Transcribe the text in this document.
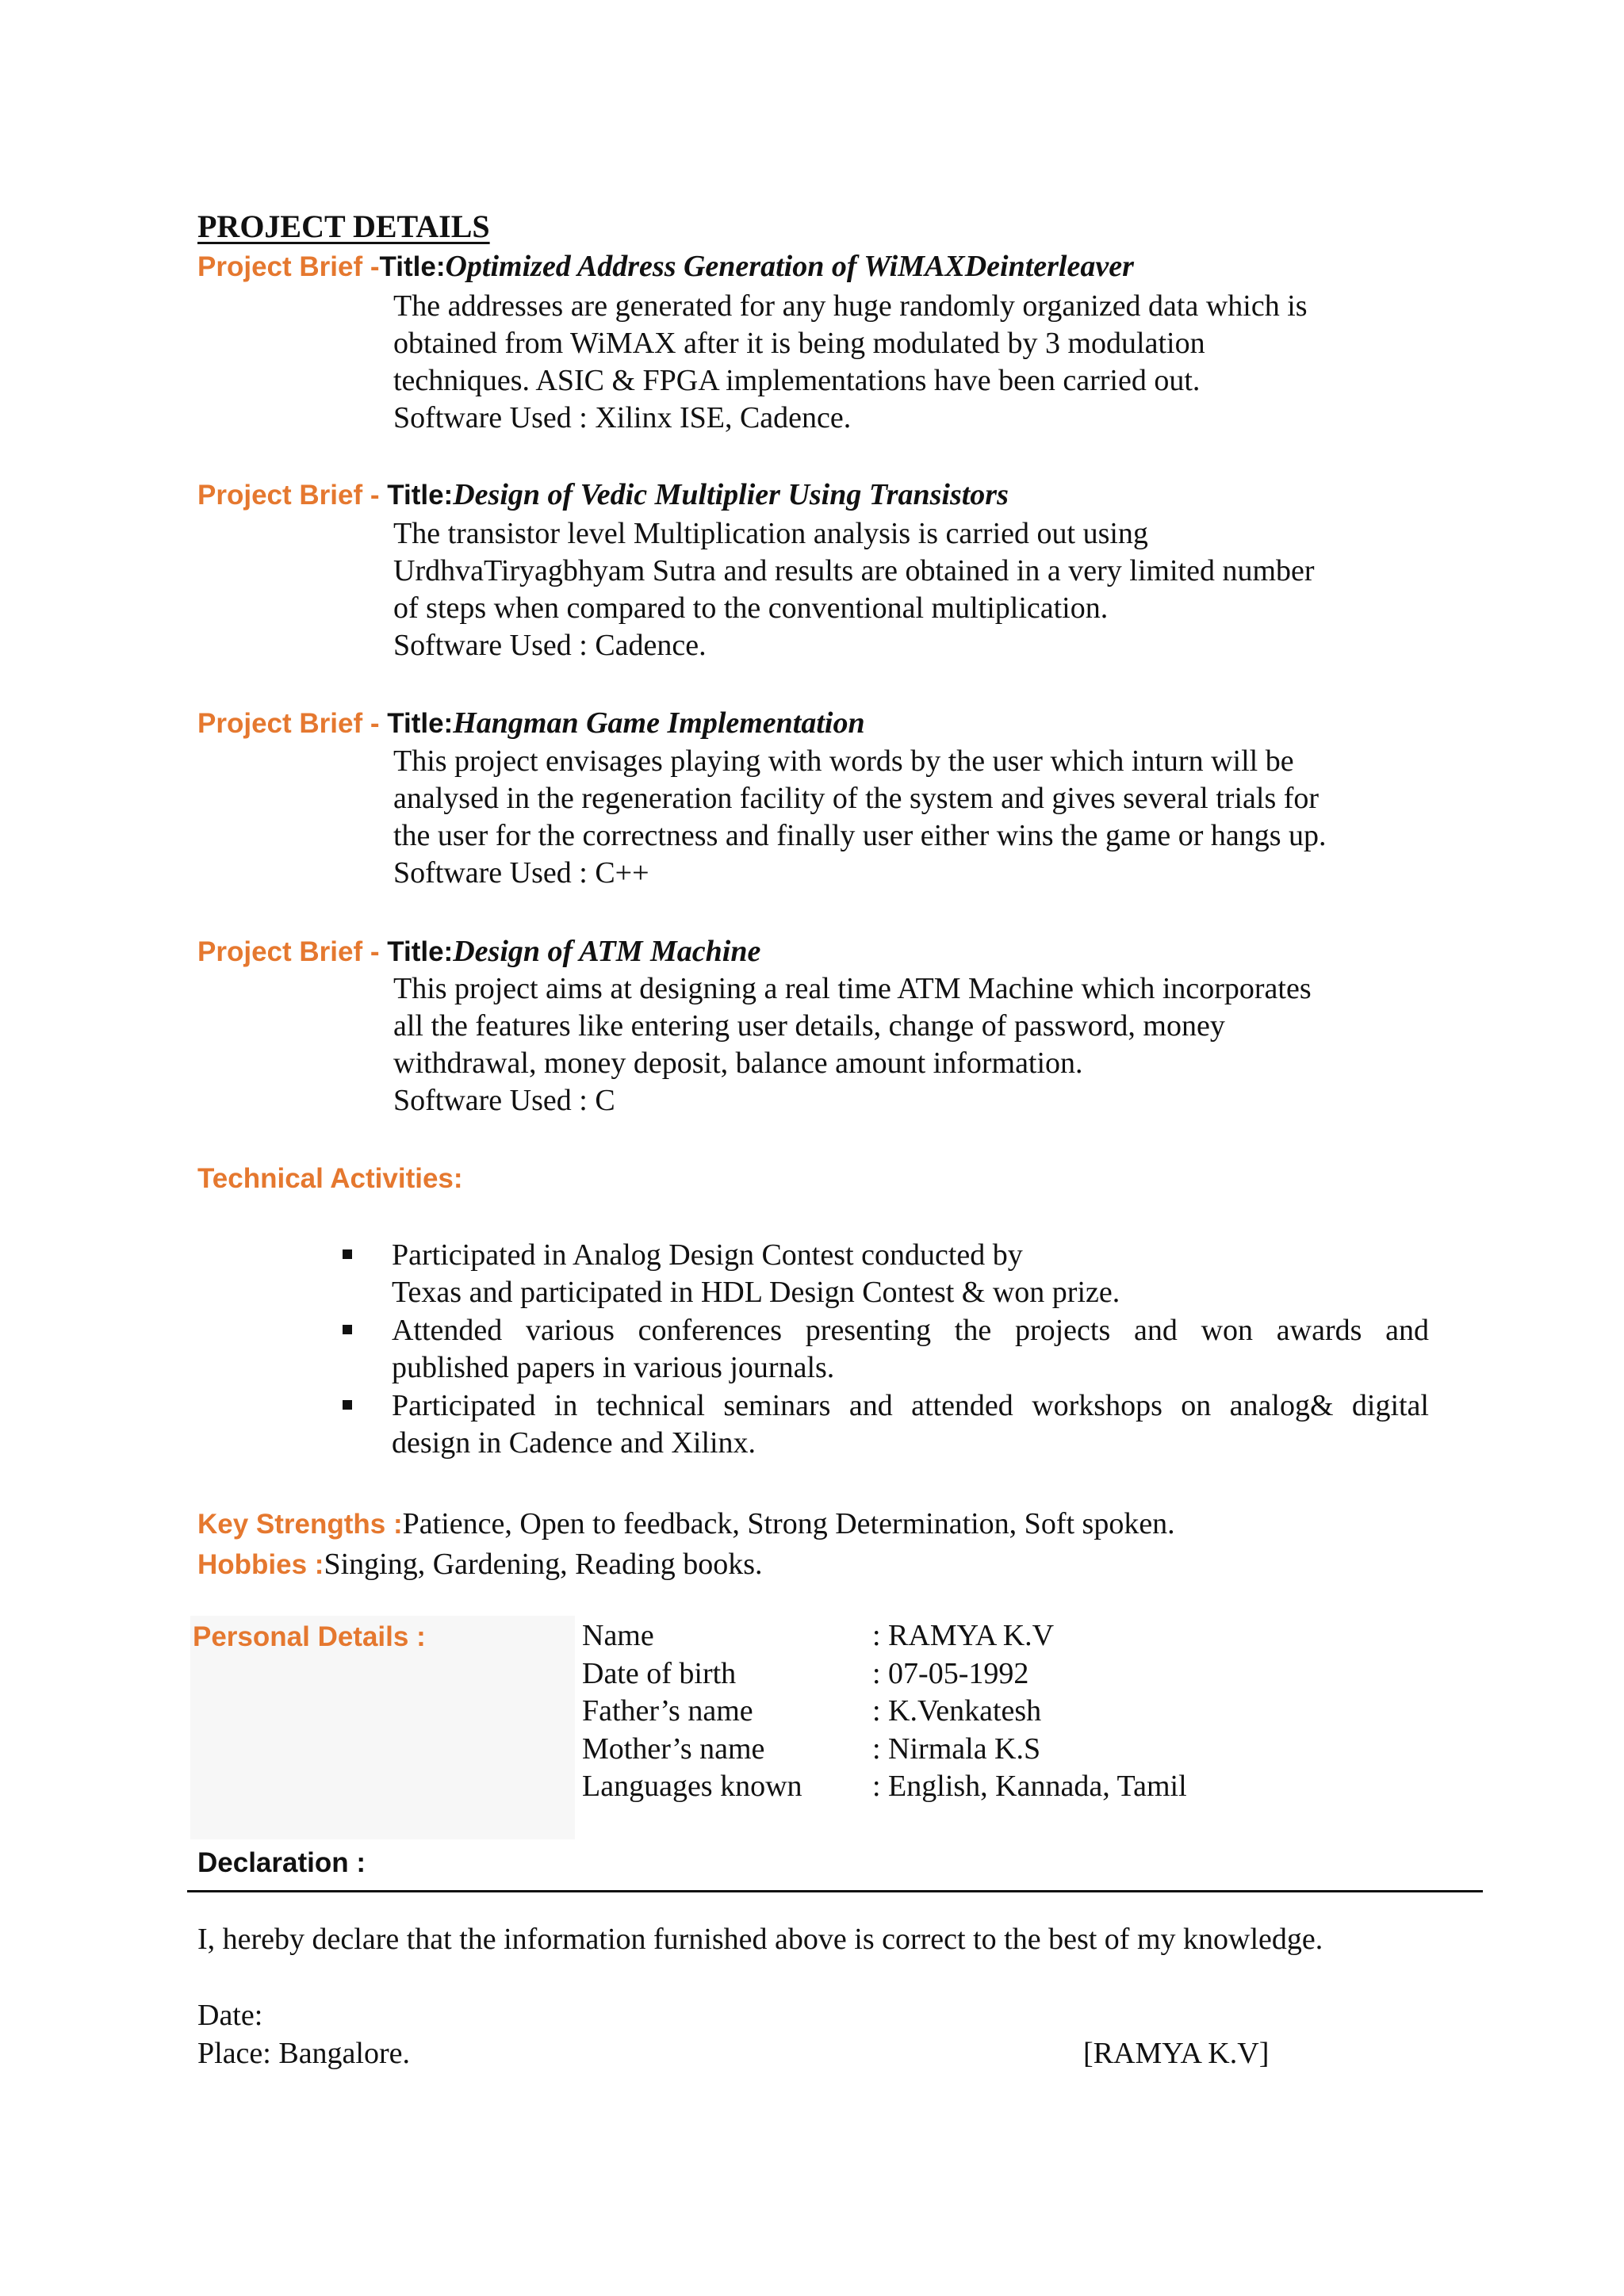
PROJECT DETAILS
Project Brief -Title:Optimized Address Generation of WiMAXDeinterleaver
The addresses are generated for any huge randomly organized data which is
obtained from WiMAX after it is being modulated by 3 modulation
techniques. ASIC & FPGA implementations have been carried out.
Software Used : Xilinx ISE, Cadence.
Project Brief - Title:Design of Vedic Multiplier Using Transistors
The transistor level Multiplication analysis is carried out using
UrdhvaTiryagbhyam Sutra and results are obtained in a very limited number
of steps when compared to the conventional multiplication.
Software Used : Cadence.
Project Brief - Title:Hangman Game Implementation
This project envisages playing with words by the user which inturn will be
analysed in the regeneration facility of the system and gives several trials for
the user for the correctness and finally user either wins the game or hangs up.
Software Used : C++
Project Brief - Title:Design of ATM Machine
This project aims at designing a real time ATM Machine which incorporates
all the features like entering user details, change of password, money
withdrawal, money deposit, balance amount information.
Software Used : C
Technical Activities:
Participated in Analog Design Contest conducted by
Texas and participated in HDL Design Contest & won prize.
Attended various conferences presenting the projects and won awards and
published papers in various journals.
Participated in technical seminars and attended workshops on analog& digital
design in Cadence and Xilinx.
Key Strengths :Patience, Open to feedback, Strong Determination, Soft spoken.
Hobbies :Singing, Gardening, Reading books.
Personal Details :	Name	: RAMYA K.V
Date of birth	: 07-05-1992
Father’s name	: K.Venkatesh
Mother’s name	: Nirmala K.S
Languages known	: English, Kannada, Tamil
Declaration :
I, hereby declare that the information furnished above is correct to the best of my knowledge.
Date:
Place: Bangalore.	[RAMYA K.V]
